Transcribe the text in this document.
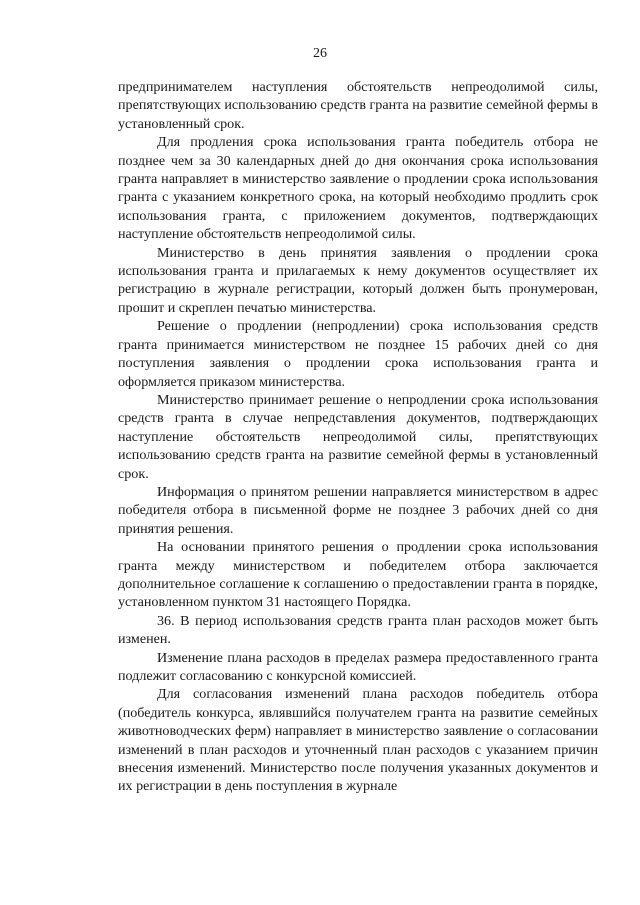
26

предпринимателем наступления обстоятельств непреодолимой силы, препятствующих использованию средств гранта на развитие семейной фермы в установленный срок.

Для продления срока использования гранта победитель отбора не позднее чем за 30 календарных дней до дня окончания срока использования гранта направляет в министерство заявление о продлении срока использования гранта с указанием конкретного срока, на который необходимо продлить срок использования гранта, с приложением документов, подтверждающих наступление обстоятельств непреодолимой силы.

Министерство в день принятия заявления о продлении срока использования гранта и прилагаемых к нему документов осуществляет их регистрацию в журнале регистрации, который должен быть пронумерован, прошит и скреплен печатью министерства.

Решение о продлении (непродлении) срока использования средств гранта принимается министерством не позднее 15 рабочих дней со дня поступления заявления о продлении срока использования гранта и оформляется приказом министерства.

Министерство принимает решение о непродлении срока использования средств гранта в случае непредставления документов, подтверждающих наступление обстоятельств непреодолимой силы, препятствующих использованию средств гранта на развитие семейной фермы в установленный срок.

Информация о принятом решении направляется министерством в адрес победителя отбора в письменной форме не позднее 3 рабочих дней со дня принятия решения.

На основании принятого решения о продлении срока использования гранта между министерством и победителем отбора заключается дополнительное соглашение к соглашению о предоставлении гранта в порядке, установленном пунктом 31 настоящего Порядка.

36. В период использования средств гранта план расходов может быть изменен.

Изменение плана расходов в пределах размера предоставленного гранта подлежит согласованию с конкурсной комиссией.

Для согласования изменений плана расходов победитель отбора (победитель конкурса, являвшийся получателем гранта на развитие семейных животноводческих ферм) направляет в министерство заявление о согласовании изменений в план расходов и уточненный план расходов с указанием причин внесения изменений. Министерство после получения указанных документов и их регистрации в день поступления в журнале
